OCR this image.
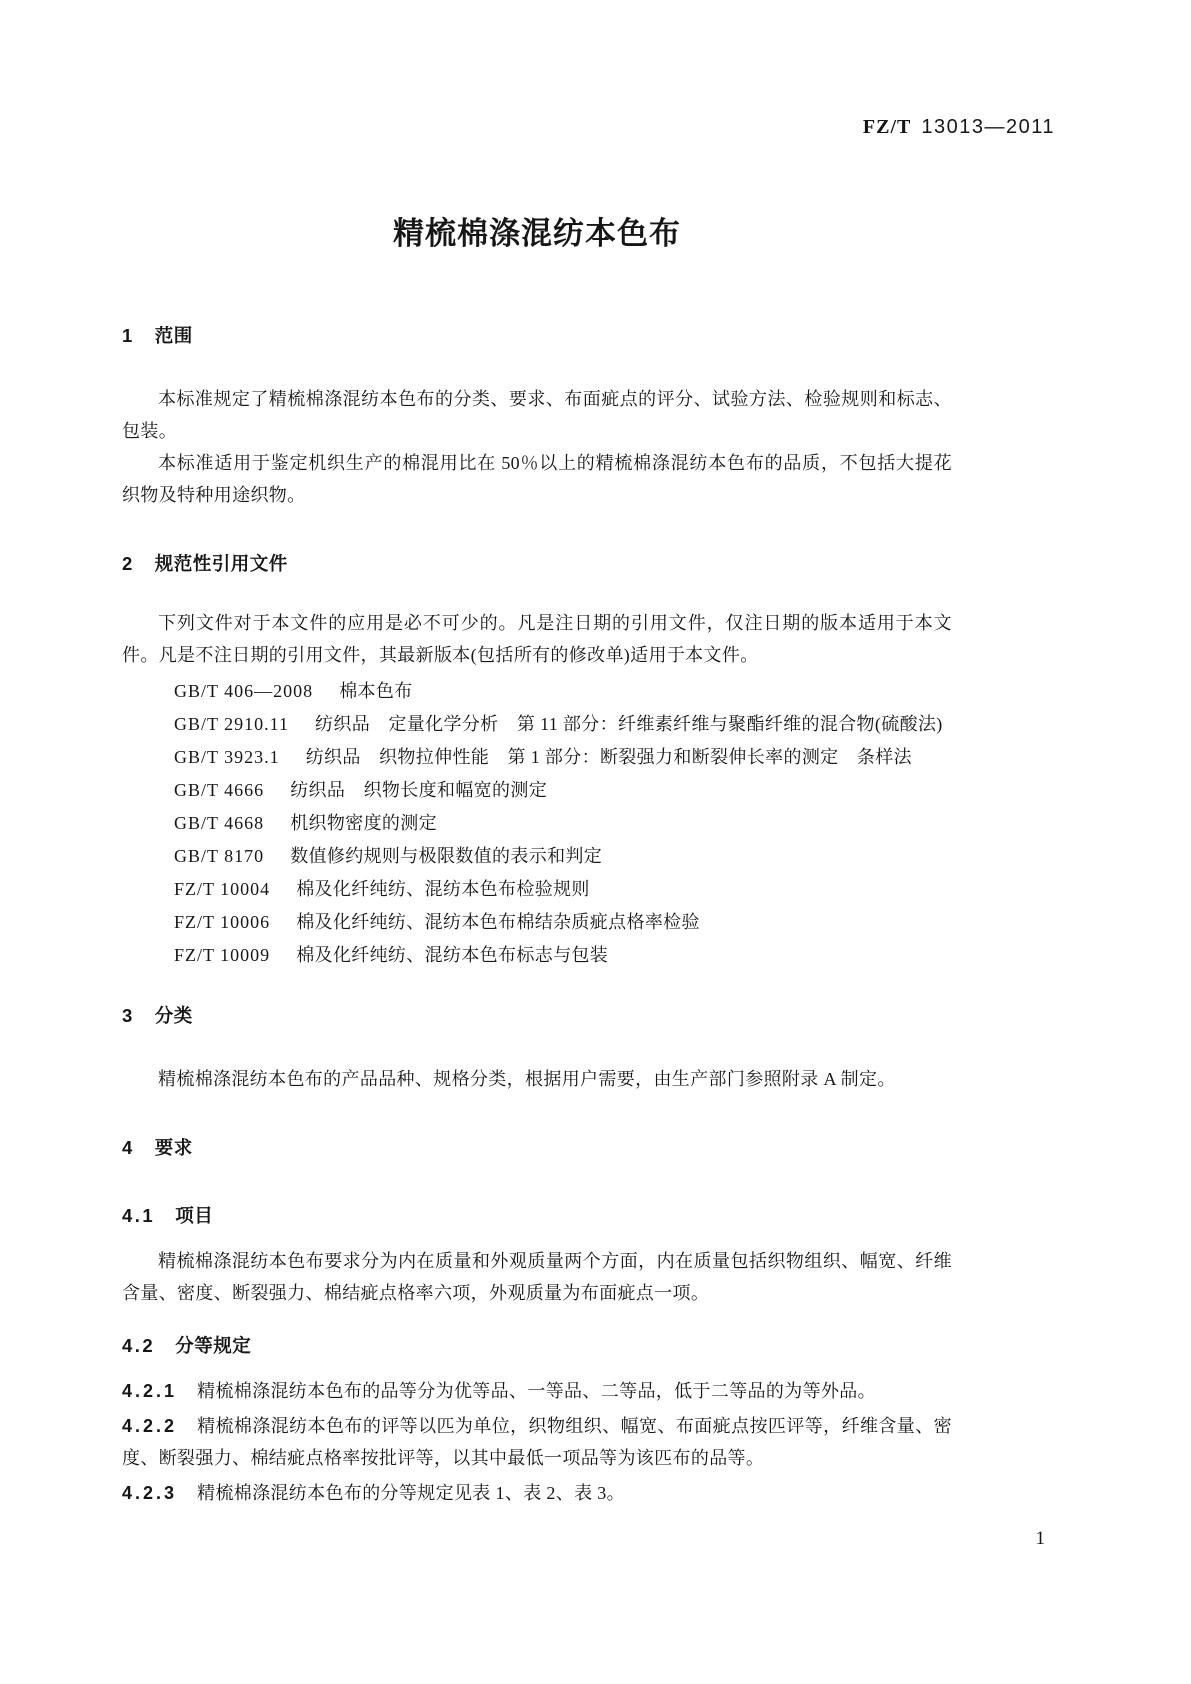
FZ/T 13013—2011
精梳棉涤混纺本色布
1 范围

本标准规定了精梳棉涤混纺本色布的分类、要求、布面疵点的评分、试验方法、检验规则和标志、包装。

本标准适用于鉴定机织生产的棉混用比在 50％以上的精梳棉涤混纺本色布的品质，不包括大提花织物及特种用途织物。

2 规范性引用文件

下列文件对于本文件的应用是必不可少的。凡是注日期的引用文件，仅注日期的版本适用于本文件。凡是不注日期的引用文件，其最新版本(包括所有的修改单)适用于本文件。

GB/T 406—2008 棉本色布
GB/T 2910.11 纺织品　定量化学分析　第 11 部分：纤维素纤维与聚酯纤维的混合物(硫酸法)
GB/T 3923.1 纺织品　织物拉伸性能　第 1 部分：断裂强力和断裂伸长率的测定　条样法
GB/T 4666 纺织品　织物长度和幅宽的测定
GB/T 4668 机织物密度的测定
GB/T 8170 数值修约规则与极限数值的表示和判定
FZ/T 10004 棉及化纤纯纺、混纺本色布检验规则
FZ/T 10006 棉及化纤纯纺、混纺本色布棉结杂质疵点格率检验
FZ/T 10009 棉及化纤纯纺、混纺本色布标志与包装
3 分类

精梳棉涤混纺本色布的产品品种、规格分类，根据用户需要，由生产部门参照附录 A 制定。

4 要求
4.1 项目

精梳棉涤混纺本色布要求分为内在质量和外观质量两个方面，内在质量包括织物组织、幅宽、纤维含量、密度、断裂强力、棉结疵点格率六项，外观质量为布面疵点一项。

4.2 分等规定

4.2.1 精梳棉涤混纺本色布的品等分为优等品、一等品、二等品，低于二等品的为等外品。

4.2.2 精梳棉涤混纺本色布的评等以匹为单位，织物组织、幅宽、布面疵点按匹评等，纤维含量、密度、断裂强力、棉结疵点格率按批评等，以其中最低一项品等为该匹布的品等。

4.2.3 精梳棉涤混纺本色布的分等规定见表 1、表 2、表 3。

1
